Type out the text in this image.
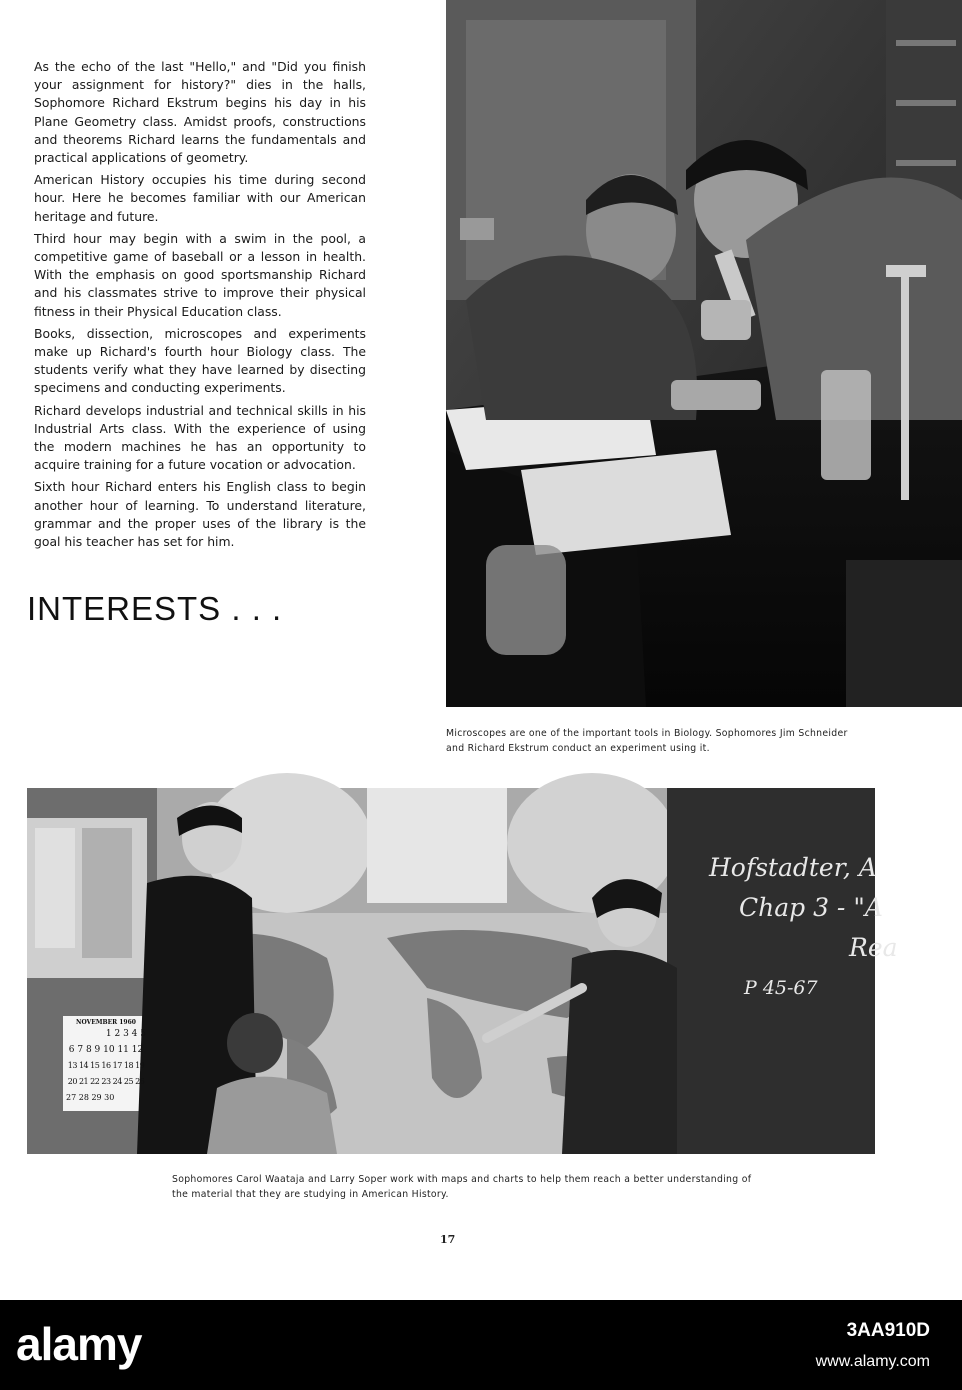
As the echo of the last "Hello," and "Did you finish your assignment for history?" dies in the halls, Sophomore Richard Ekstrum begins his day in his Plane Geometry class. Amidst proofs, constructions and theorems Richard learns the fundamentals and practical applications of geometry.

American History occupies his time during second hour. Here he becomes familiar with our American heritage and future.

Third hour may begin with a swim in the pool, a competitive game of baseball or a lesson in health. With the emphasis on good sportsmanship Richard and his classmates strive to improve their physical fitness in their Physical Education class.

Books, dissection, microscopes and experiments make up Richard's fourth hour Biology class. The students verify what they have learned by disecting specimens and conducting experiments.

Richard develops industrial and technical skills in his Industrial Arts class. With the experience of using the modern machines he has an opportunity to acquire training for a future vocation or advocation.

Sixth hour Richard enters his English class to begin another hour of learning. To understand literature, grammar and the proper uses of the library is the goal his teacher has set for him.

INTERESTS . . .

Microscopes are one of the important tools in Biology. Sophomores Jim Schneider and Richard Ekstrum conduct an experiment using it.

Hofstadter, A
Chap 3 - "A
Rea
P 45-67
NOVEMBER 1960
1 2 3 4 5
6 7 8 9 10 11 12
13 14 15 16 17 18 19
20 21 22 23 24 25 26
27 28 29 30

Sophomores Carol Waataja and Larry Soper work with maps and charts to help them reach a better understanding of the material that they are studying in American History.

17

alamy	3AA910D

www.alamy.com
